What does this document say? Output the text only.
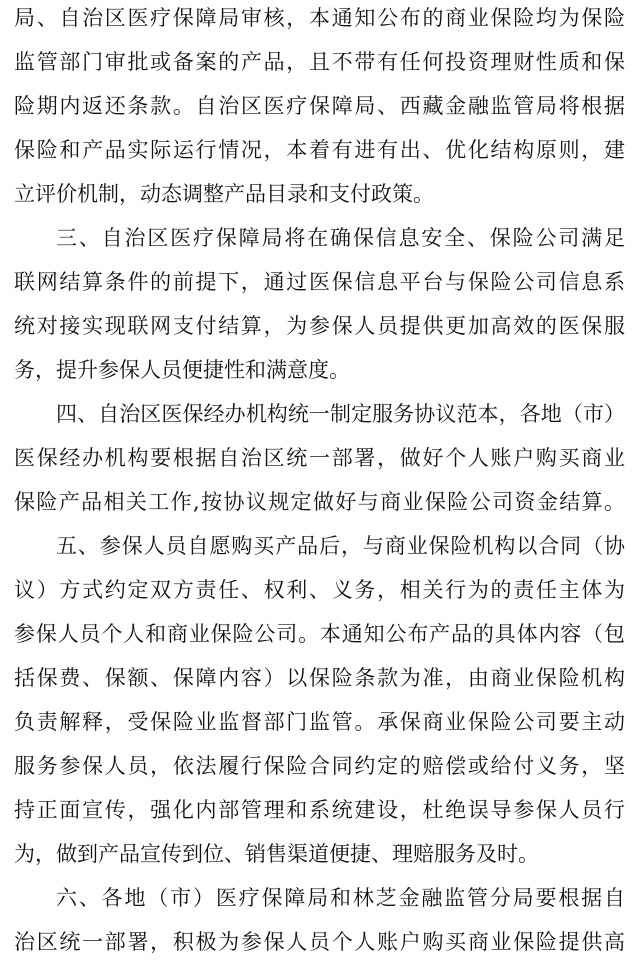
局、自治区医疗保障局审核，本通知公布的商业保险均为保险
监管部门审批或备案的产品，且不带有任何投资理财性质和保
险期内返还条款。自治区医疗保障局、西藏金融监管局将根据
保险和产品实际运行情况，本着有进有出、优化结构原则，建
立评价机制，动态调整产品目录和支付政策。
三、自治区医疗保障局将在确保信息安全、保险公司满足
联网结算条件的前提下，通过医保信息平台与保险公司信息系
统对接实现联网支付结算，为参保人员提供更加高效的医保服
务，提升参保人员便捷性和满意度。
四、自治区医保经办机构统一制定服务协议范本，各地（市）
医保经办机构要根据自治区统一部署，做好个人账户购买商业
保险产品相关工作,按协议规定做好与商业保险公司资金结算。
五、参保人员自愿购买产品后，与商业保险机构以合同（协
议）方式约定双方责任、权利、义务，相关行为的责任主体为
参保人员个人和商业保险公司。本通知公布产品的具体内容（包
括保费、保额、保障内容）以保险条款为准，由商业保险机构
负责解释，受保险业监督部门监管。承保商业保险公司要主动
服务参保人员，依法履行保险合同约定的赔偿或给付义务，坚
持正面宣传，强化内部管理和系统建设，杜绝误导参保人员行
为，做到产品宣传到位、销售渠道便捷、理赔服务及时。
六、各地（市）医疗保障局和林芝金融监管分局要根据自
治区统一部署，积极为参保人员个人账户购买商业保险提供高
